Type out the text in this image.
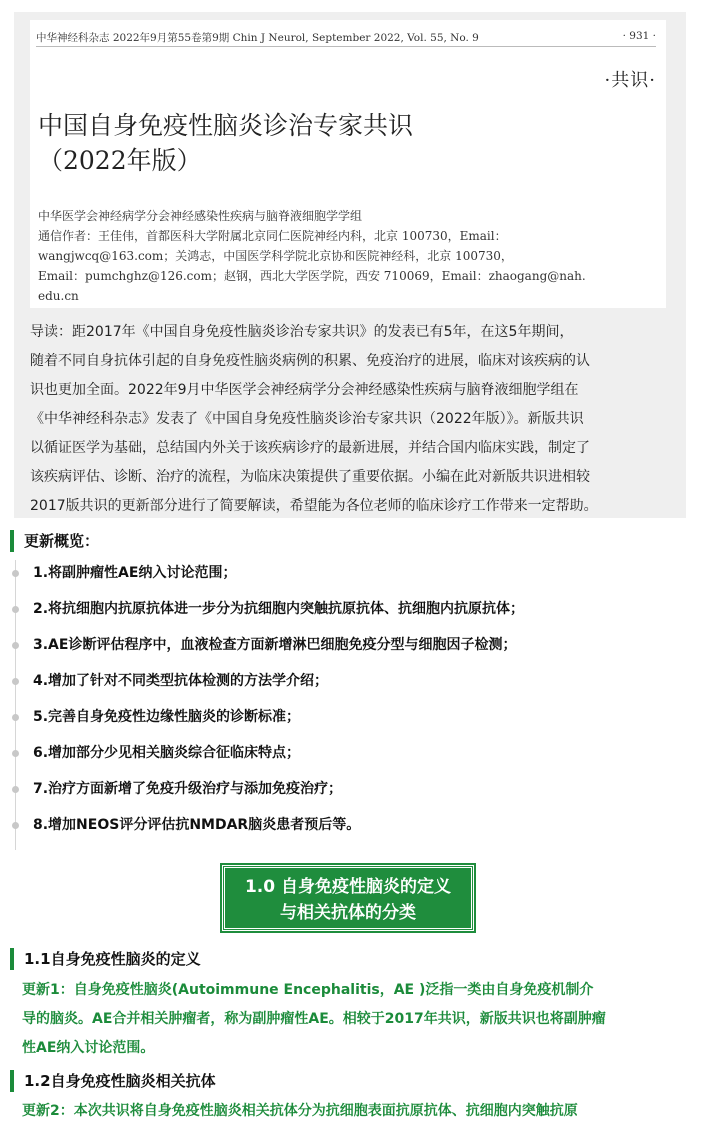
中华神经科杂志 2022年9月第55卷第9期 Chin J Neurol, September 2022, Vol. 55, No. 9	· 931 ·
·共识·
中国自身免疫性脑炎诊治专家共识
（2022年版）
中华医学会神经病学分会神经感染性疾病与脑脊液细胞学学组
通信作者：王佳伟，首都医科大学附属北京同仁医院神经内科，北京 100730，Email：
wangjwcq@163.com；关鸿志，中国医学科学院北京协和医院神经科，北京 100730，
Email：pumchghz@126.com；赵钢，西北大学医学院，西安 710069，Email：zhaogang@nah.
edu.cn
导读：距2017年《中国自身免疫性脑炎诊治专家共识》的发表已有5年，在这5年期间，
随着不同自身抗体引起的自身免疫性脑炎病例的积累、免疫治疗的进展，临床对该疾病的认
识也更加全面。2022年9月中华医学会神经病学分会神经感染性疾病与脑脊液细胞学组在
《中华神经科杂志》发表了《中国自身免疫性脑炎诊治专家共识（2022年版）》。新版共识
以循证医学为基础，总结国内外关于该疾病诊疗的最新进展，并结合国内临床实践，制定了
该疾病评估、诊断、治疗的流程，为临床决策提供了重要依据。小编在此对新版共识进相较
2017版共识的更新部分进行了简要解读，希望能为各位老师的临床诊疗工作带来一定帮助。
更新概览：
1.将副肿瘤性AE纳入讨论范围；
2.将抗细胞内抗原抗体进一步分为抗细胞内突触抗原抗体、抗细胞内抗原抗体；
3.AE诊断评估程序中，血液检查方面新增淋巴细胞免疫分型与细胞因子检测；
4.增加了针对不同类型抗体检测的方法学介绍；
5.完善自身免疫性边缘性脑炎的诊断标准；
6.增加部分少见相关脑炎综合征临床特点；
7.治疗方面新增了免疫升级治疗与添加免疫治疗；
8.增加NEOS评分评估抗NMDAR脑炎患者预后等。
1.0 自身免疫性脑炎的定义
与相关抗体的分类
1.1自身免疫性脑炎的定义
更新1：自身免疫性脑炎(Autoimmune Encephalitis，AE )泛指一类由自身免疫机制介
导的脑炎。AE合并相关肿瘤者，称为副肿瘤性AE。相较于2017年共识，新版共识也将副肿瘤
性AE纳入讨论范围。
1.2自身免疫性脑炎相关抗体
更新2：本次共识将自身免疫性脑炎相关抗体分为抗细胞表面抗原抗体、抗细胞内突触抗原
